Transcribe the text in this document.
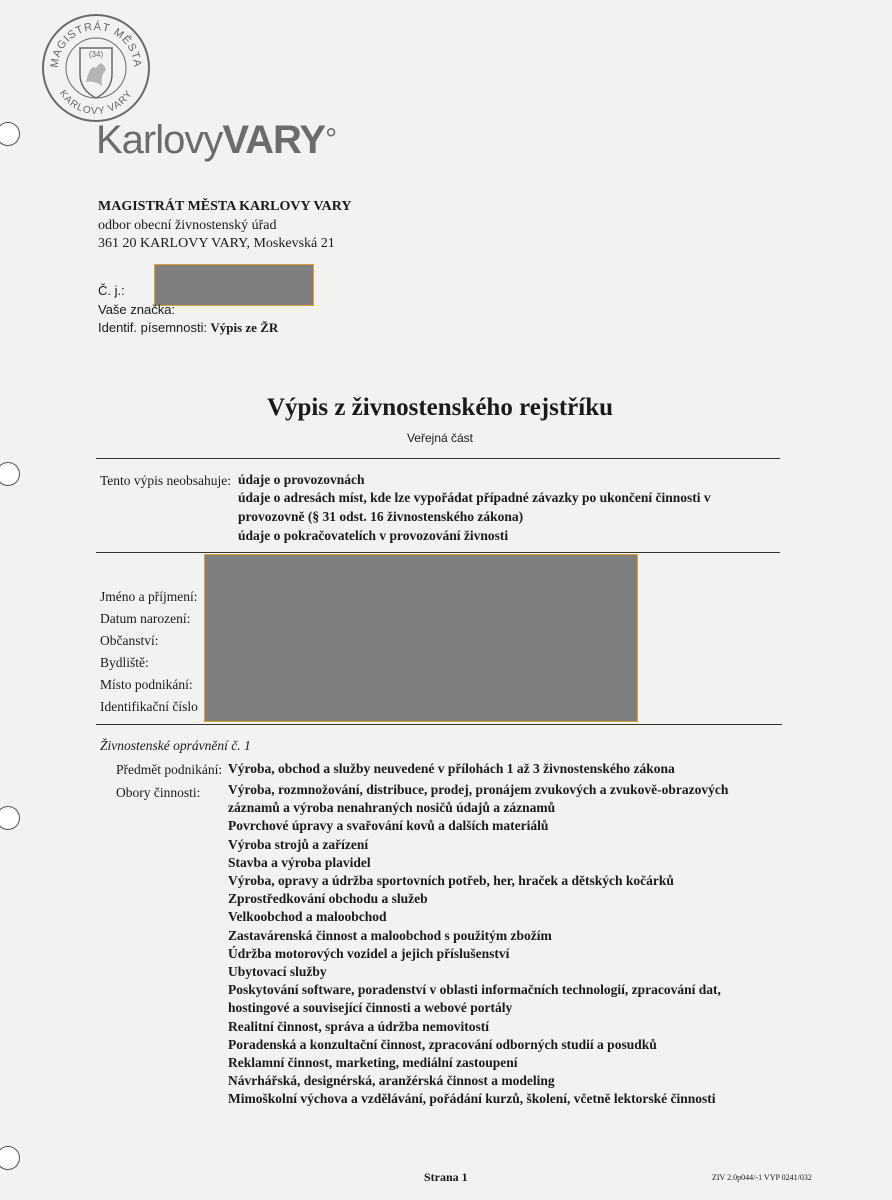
MAGISTRÁT MĚSTA
KARLOVY VARY
(34)
KarlovyVARY°
MAGISTRÁT MĚSTA KARLOVY VARY
odbor obecní živnostenský úřad
361 20 KARLOVY VARY, Moskevská 21
Č. j.:
Vaše značka:
Identif. písemnosti: Výpis ze ŽR
Výpis z živnostenského rejstříku
Veřejná část
Tento výpis neobsahuje: údaje o provozovnách
údaje o adresách míst, kde lze vypořádat případné závazky po ukončení činnosti v
provozovně (§ 31 odst. 16 živnostenského zákona)
údaje o pokračovatelích v provozování živnosti
Jméno a příjmení:
Datum narození:
Občanství:
Bydliště:
Místo podnikání:
Identifikační číslo
Živnostenské oprávnění č. 1
Předmět podnikání: Výroba, obchod a služby neuvedené v přílohách 1 až 3 živnostenského zákona
Obory činnosti: Výroba, rozmnožování, distribuce, prodej, pronájem zvukových a zvukově-obrazových
záznamů a výroba nenahraných nosičů údajů a záznamů
Povrchové úpravy a svařování kovů a dalších materiálů
Výroba strojů a zařízení
Stavba a výroba plavidel
Výroba, opravy a údržba sportovních potřeb, her, hraček a dětských kočárků
Zprostředkování obchodu a služeb
Velkoobchod a maloobchod
Zastavárenská činnost a maloobchod s použitým zbožím
Údržba motorových vozidel a jejich příslušenství
Ubytovací služby
Poskytování software, poradenství v oblasti informačních technologií, zpracování dat,
hostingové a související činnosti a webové portály
Realitní činnost, správa a údržba nemovitostí
Poradenská a konzultační činnost, zpracování odborných studií a posudků
Reklamní činnost, marketing, mediální zastoupení
Návrhářská, designérská, aranžérská činnost a modeling
Mimoškolní výchova a vzdělávání, pořádání kurzů, školení, včetně lektorské činnosti
Strana 1	ZIV 2.0p044/-1 VYP 0241/032
